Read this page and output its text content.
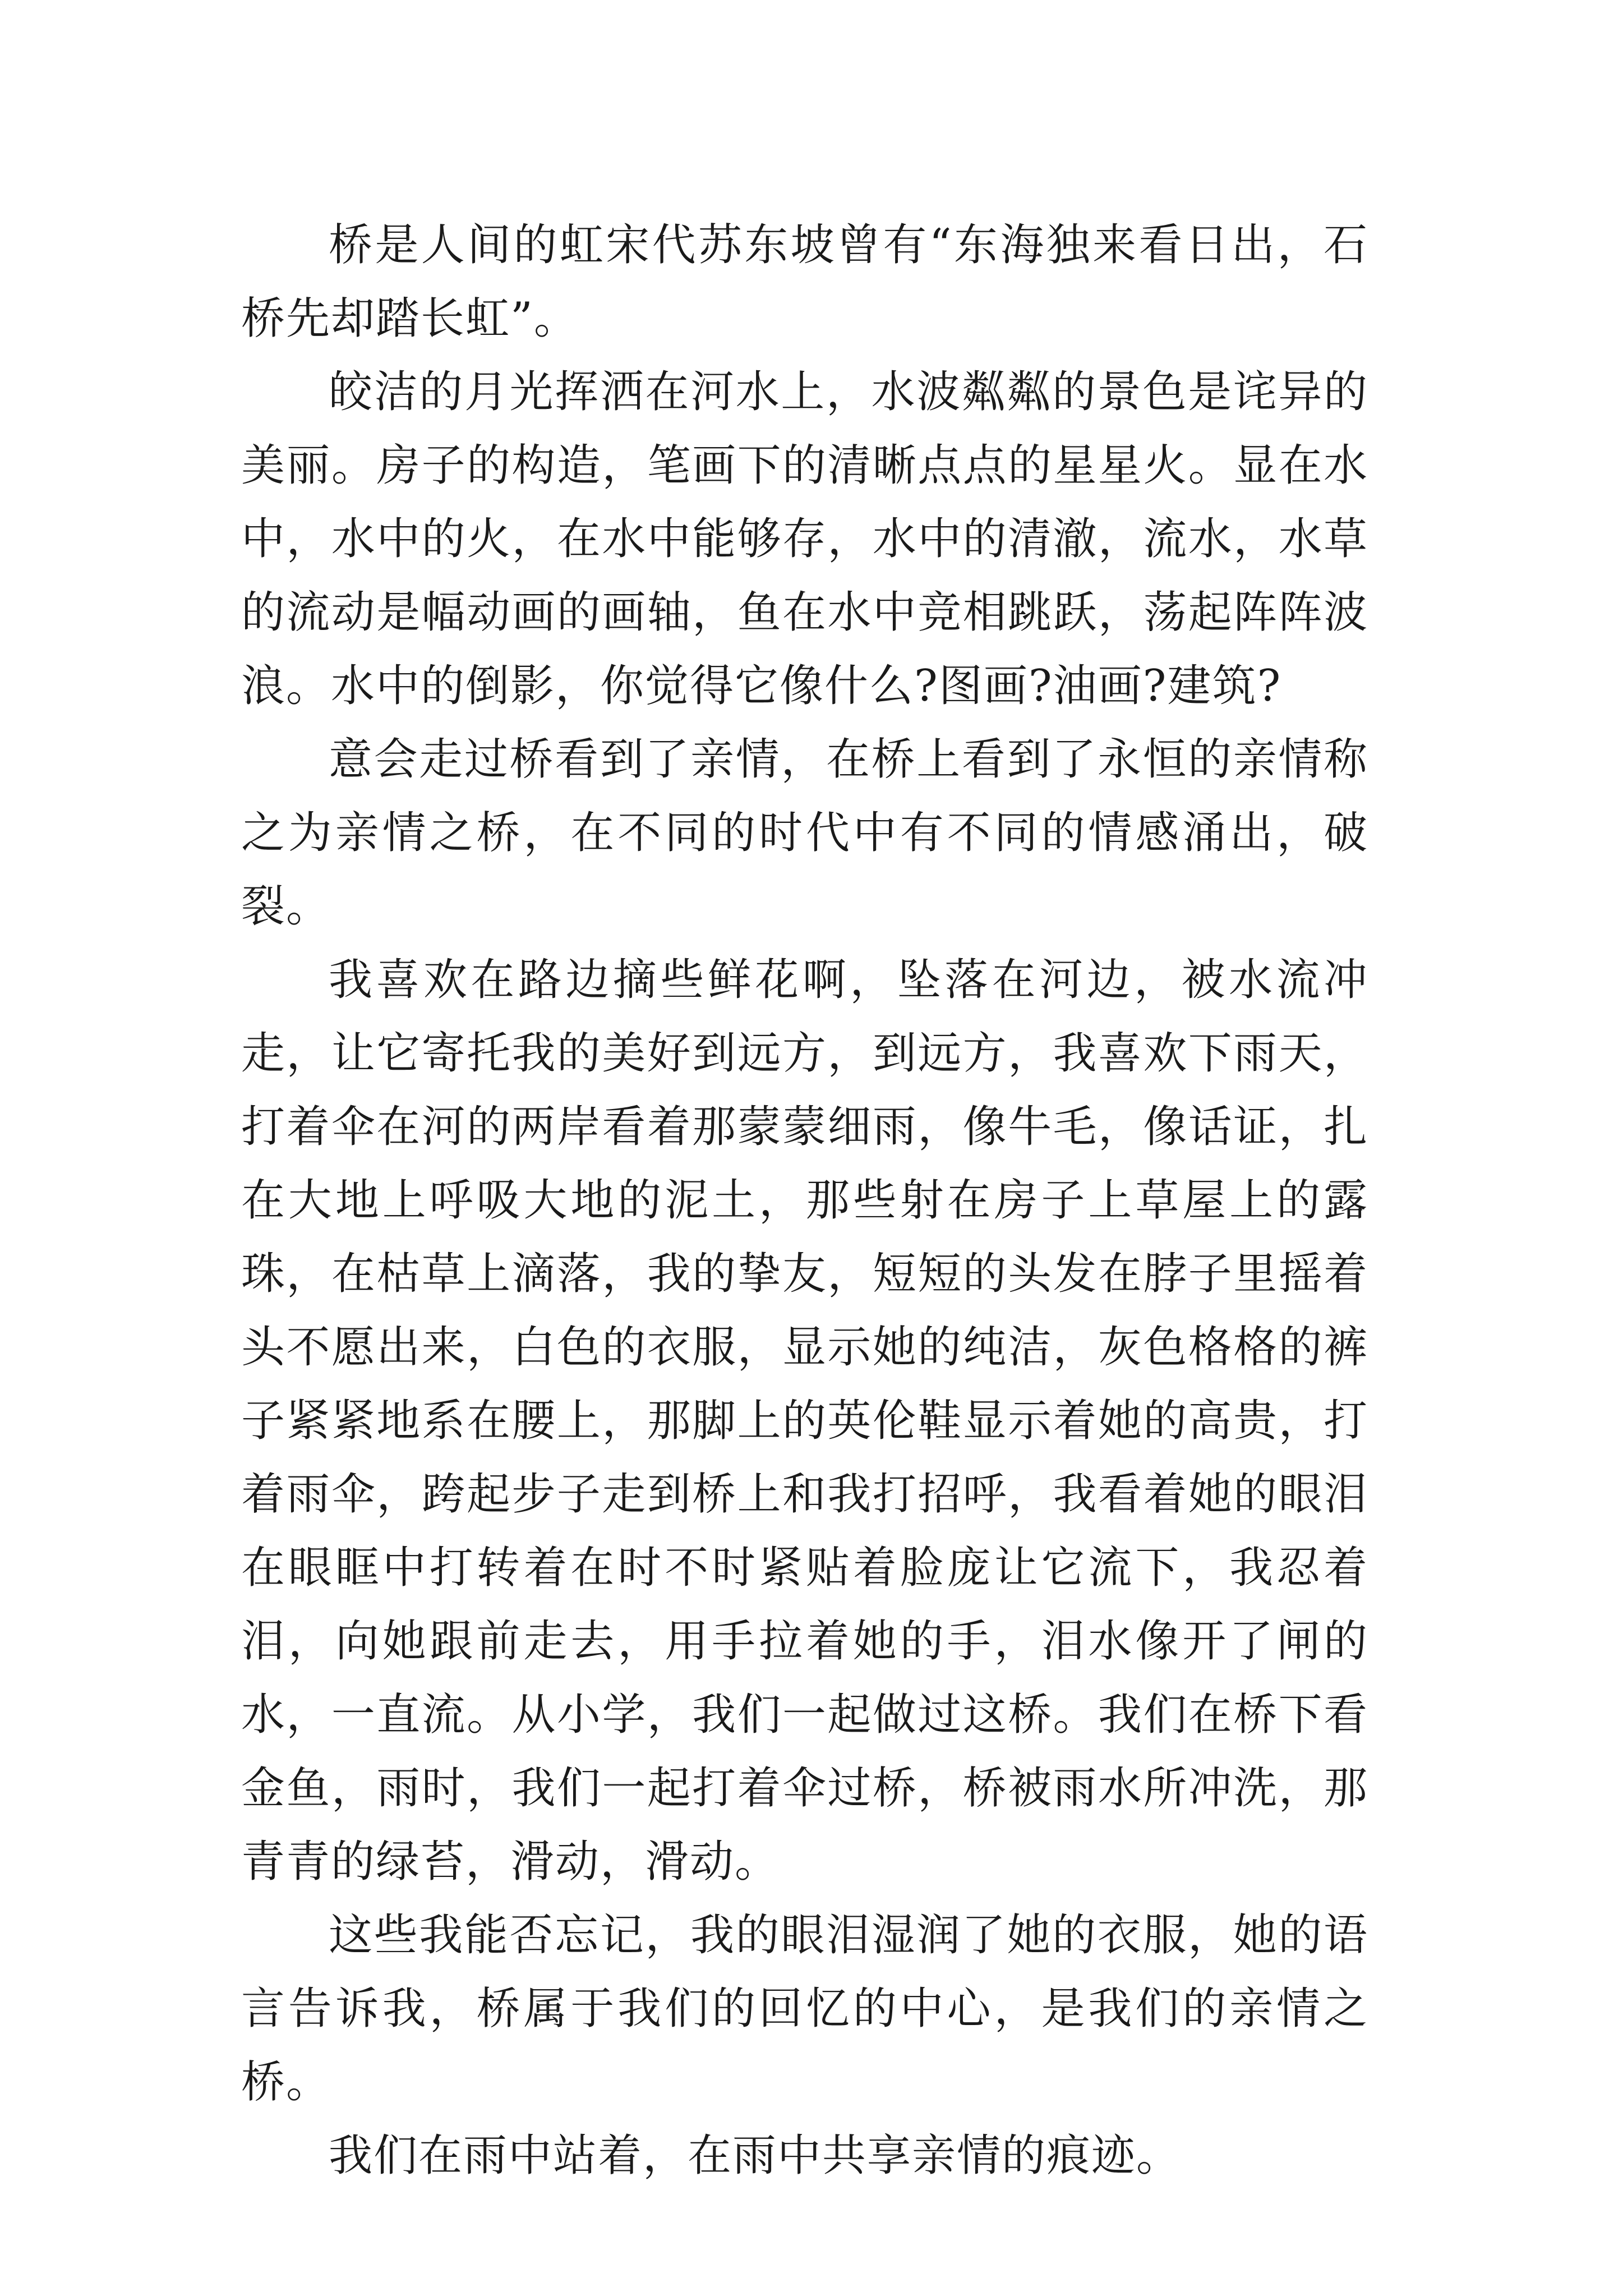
桥是人间的虹宋代苏东坡曾有“东海独来看日出，石桥先却踏长虹”。

皎洁的月光挥洒在河水上，水波粼粼的景色是诧异的美丽。房子的构造，笔画下的清晰点点的星星火。显在水中，水中的火，在水中能够存，水中的清澈，流水，水草的流动是幅动画的画轴，鱼在水中竞相跳跃，荡起阵阵波浪。水中的倒影，你觉得它像什么?图画?油画?建筑?

意会走过桥看到了亲情，在桥上看到了永恒的亲情称之为亲情之桥，在不同的时代中有不同的情感涌出，破裂。

我喜欢在路边摘些鲜花啊，坠落在河边，被水流冲走，让它寄托我的美好到远方，到远方，我喜欢下雨天，打着伞在河的两岸看着那蒙蒙细雨，像牛毛，像话证，扎在大地上呼吸大地的泥土，那些射在房子上草屋上的露珠，在枯草上滴落，我的挚友，短短的头发在脖子里摇着头不愿出来，白色的衣服，显示她的纯洁，灰色格格的裤子紧紧地系在腰上，那脚上的英伦鞋显示着她的高贵，打着雨伞，跨起步子走到桥上和我打招呼，我看着她的眼泪在眼眶中打转着在时不时紧贴着脸庞让它流下，我忍着泪，向她跟前走去，用手拉着她的手，泪水像开了闸的水，一直流。从小学，我们一起做过这桥。我们在桥下看金鱼，雨时，我们一起打着伞过桥，桥被雨水所冲洗，那青青的绿苔，滑动，滑动。

这些我能否忘记，我的眼泪湿润了她的衣服，她的语言告诉我，桥属于我们的回忆的中心，是我们的亲情之桥。

我们在雨中站着，在雨中共享亲情的痕迹。
